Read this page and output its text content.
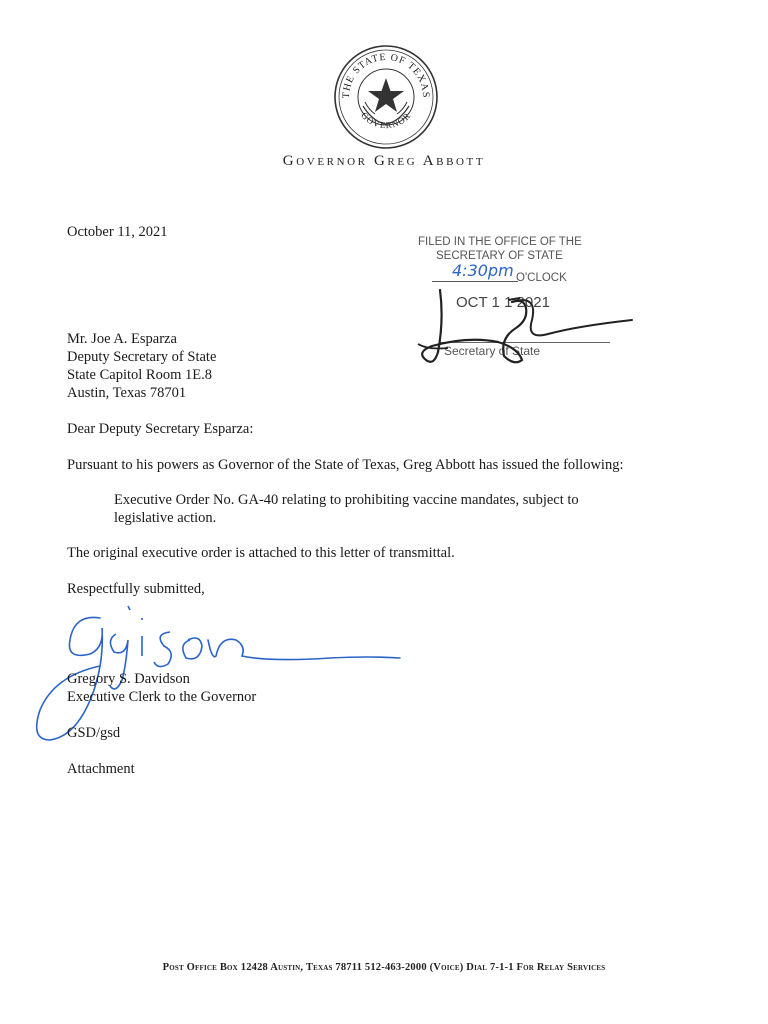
THE STATE OF TEXAS
GOVERNOR
Governor Greg Abbott
October 11, 2021
FILED IN THE OFFICE OF THE
SECRETARY OF STATE
4:30pm O'CLOCK
OCT 1 1 2021
Secretary of State
Mr. Joe A. Esparza
Deputy Secretary of State
State Capitol Room 1E.8
Austin, Texas 78701
Dear Deputy Secretary Esparza:
Pursuant to his powers as Governor of the State of Texas, Greg Abbott has issued the following:
Executive Order No. GA-40 relating to prohibiting vaccine mandates, subject to
legislative action.
The original executive order is attached to this letter of transmittal.
Respectfully submitted,
Gregory S. Davidson
Executive Clerk to the Governor
GSD/gsd
Attachment
Post Office Box 12428 Austin, Texas 78711 512-463-2000 (Voice) Dial 7-1-1 For Relay Services
